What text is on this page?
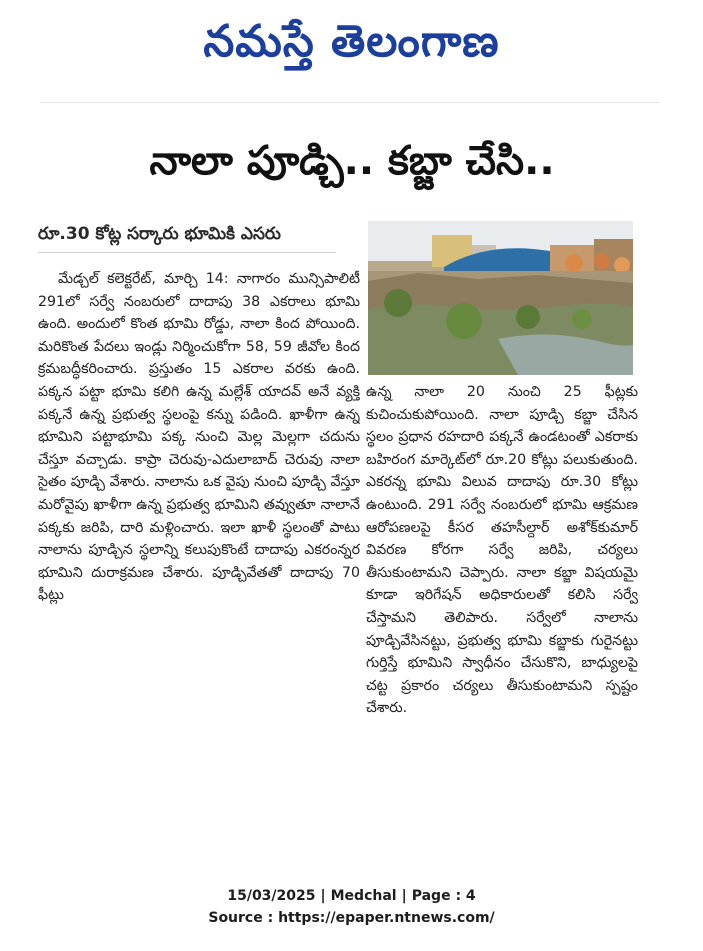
నమస్తే తెలంగాణ
నాలా పూడ్చి.. కబ్జా చేసి..
రూ.30 కోట్ల సర్కారు భూమికి ఎసరు
మేడ్చల్ కలెక్టరేట్, మార్చి 14: నాగారం మున్సిపాలిటీ 291లో సర్వే నంబరులో దాదాపు 38 ఎకరాలు భూమి ఉంది. అందులో కొంత భూమి రోడ్డు, నాలా కింద పోయింది. మరికొంత పేదలు ఇండ్లు నిర్మించుకోగా 58, 59 జీవోల కింద క్రమబద్ధీకరించారు. ప్రస్తుతం 15 ఎకరాల వరకు ఉంది. పక్కన పట్టా భూమి కలిగి ఉన్న మల్లేశ్ యాదవ్ అనే వ్యక్తి పక్కనే ఉన్న ప్రభుత్వ స్థలంపై కన్ను పడింది. ఖాళీగా ఉన్న భూమిని పట్టాభూమి పక్క నుంచి మెల్ల మెల్లగా చదును చేస్తూ వచ్చాడు. కాప్రా చెరువు-ఎదులాబాద్ చెరువు నాలా సైతం పూడ్చి వేశారు. నాలాను ఒక వైపు నుంచి పూడ్చి వేస్తూ మరోవైపు ఖాళీగా ఉన్న ప్రభుత్వ భూమిని తవ్వుతూ నాలానే పక్కకు జరిపి, దారి మళ్లించారు. ఇలా ఖాళీ స్థలంతో పాటు నాలాను పూడ్చిన స్థలాన్ని కలుపుకొంటే దాదాపు ఎకరంన్నర భూమిని దురాక్రమణ చేశారు. పూడ్చివేతతో దాదాపు 70 ఫీట్లు
ఉన్న నాలా 20 నుంచి 25 ఫీట్లకు కుచించుకుపోయింది. నాలా పూడ్చి కబ్జా చేసిన స్థలం ప్రధాన రహదారి పక్కనే ఉండటంతో ఎకరాకు బహిరంగ మార్కెట్‌లో రూ.20 కోట్లు పలుకుతుంది. ఎకరన్న భూమి విలువ దాదాపు రూ.30 కోట్లు ఉంటుంది. 291 సర్వే నంబరులో భూమి ఆక్రమణ ఆరోపణలపై కీసర తహసీల్దార్ అశోక్‌కుమార్ వివరణ కోరగా సర్వే జరిపి, చర్యలు తీసుకుంటామని చెప్పారు. నాలా కబ్జా విషయమై కూడా ఇరిగేషన్ అధికారులతో కలిసి సర్వే చేస్తామని తెలిపారు. సర్వేలో నాలాను పూడ్చివేసినట్టు, ప్రభుత్వ భూమి కబ్జాకు గురైనట్టు గుర్తిస్తే భూమిని స్వాధీనం చేసుకొని, బాధ్యులపై చట్ట ప్రకారం చర్యలు తీసుకుంటామని స్పష్టం చేశారు.
15/03/2025 | Medchal | Page : 4
Source : https://epaper.ntnews.com/
